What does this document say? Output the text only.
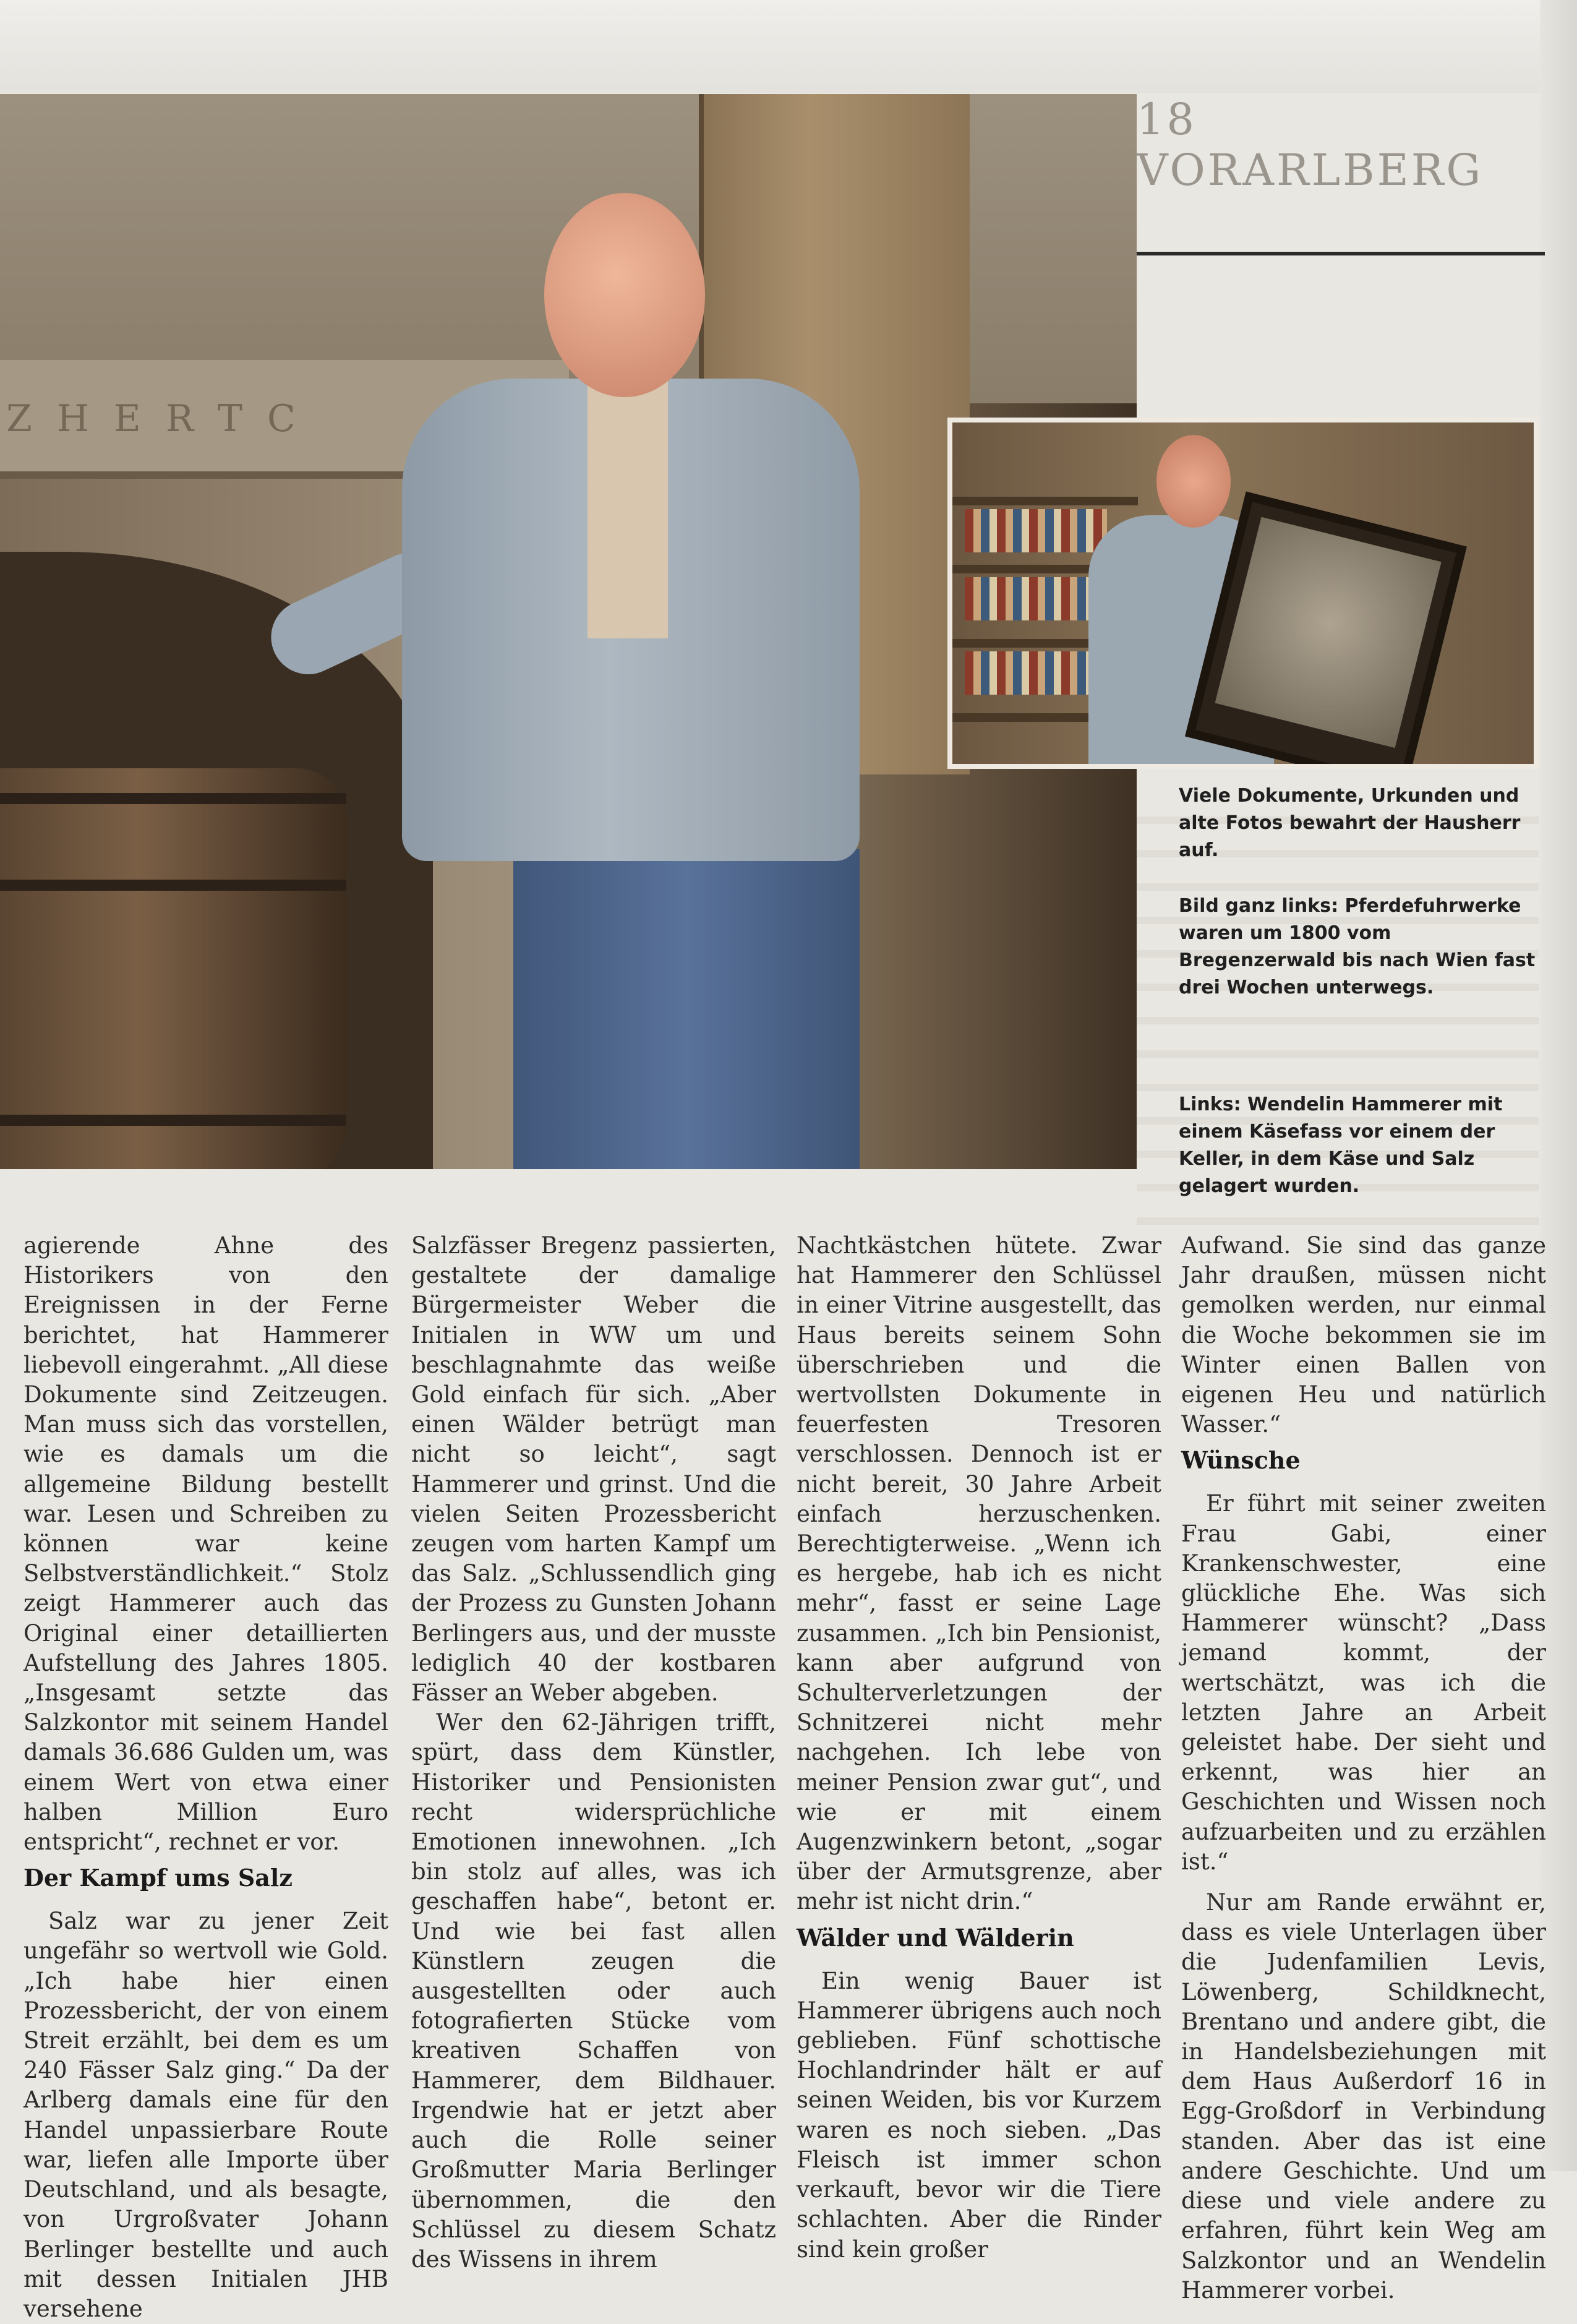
18 VORARLBERG
ZHERTC
Viele Dokumente, Urkunden und alte Fotos bewahrt der Hausherr auf.
Bild ganz links: Pferdefuhrwerke waren um 1800 vom Bregenzerwald bis nach Wien fast drei Wochen unterwegs.
Links: Wendelin Hammerer mit einem Käsefass vor einem der Keller, in dem Käse und Salz gelagert wurden.

agierende Ahne des Historikers von den Ereignissen in der Ferne berichtet, hat Hammerer liebevoll eingerahmt. „All diese Dokumente sind Zeitzeugen. Man muss sich das vorstellen, wie es damals um die allgemeine Bildung bestellt war. Lesen und Schreiben zu können war keine Selbstverständlichkeit.“ Stolz zeigt Hammerer auch das Original einer detaillierten Aufstellung des Jahres 1805. „Insgesamt setzte das Salzkontor mit seinem Handel damals 36.686 Gulden um, was einem Wert von etwa einer halben Million Euro entspricht“, rechnet er vor.

Der Kampf ums Salz

Salz war zu jener Zeit ungefähr so wertvoll wie Gold. „Ich habe hier einen Prozessbericht, der von einem Streit erzählt, bei dem es um 240 Fässer Salz ging.“ Da der Arlberg damals eine für den Handel unpassierbare Route war, liefen alle Importe über Deutschland, und als besagte, von Urgroßvater Johann Berlinger bestellte und auch mit dessen Initialen JHB versehene

Salzfässer Bregenz passierten, gestaltete der damalige Bürgermeister Weber die Initialen in WW um und beschlagnahmte das weiße Gold einfach für sich. „Aber einen Wälder betrügt man nicht so leicht“, sagt Hammerer und grinst. Und die vielen Seiten Prozessbericht zeugen vom harten Kampf um das Salz. „Schlussendlich ging der Prozess zu Gunsten Johann Berlingers aus, und der musste lediglich 40 der kostbaren Fässer an Weber abgeben.

Wer den 62-Jährigen trifft, spürt, dass dem Künstler, Historiker und Pensionisten recht widersprüchliche Emotionen innewohnen. „Ich bin stolz auf alles, was ich geschaffen habe“, betont er. Und wie bei fast allen Künstlern zeugen die ausgestellten oder auch fotografierten Stücke vom kreativen Schaffen von Hammerer, dem Bildhauer. Irgendwie hat er jetzt aber auch die Rolle seiner Großmutter Maria Berlinger übernommen, die den Schlüssel zu diesem Schatz des Wissens in ihrem

Nachtkästchen hütete. Zwar hat Hammerer den Schlüssel in einer Vitrine ausgestellt, das Haus bereits seinem Sohn überschrieben und die wertvollsten Dokumente in feuerfesten Tresoren verschlossen. Dennoch ist er nicht bereit, 30 Jahre Arbeit einfach herzuschenken. Berechtigterweise. „Wenn ich es hergebe, hab ich es nicht mehr“, fasst er seine Lage zusammen. „Ich bin Pensionist, kann aber aufgrund von Schulterverletzungen der Schnitzerei nicht mehr nachgehen. Ich lebe von meiner Pension zwar gut“, und wie er mit einem Augenzwinkern betont, „sogar über der Armutsgrenze, aber mehr ist nicht drin.“

Wälder und Wälderin

Ein wenig Bauer ist Hammerer übrigens auch noch geblieben. Fünf schottische Hochlandrinder hält er auf seinen Weiden, bis vor Kurzem waren es noch sieben. „Das Fleisch ist immer schon verkauft, bevor wir die Tiere schlachten. Aber die Rinder sind kein großer

Aufwand. Sie sind das ganze Jahr draußen, müssen nicht gemolken werden, nur einmal die Woche bekommen sie im Winter einen Ballen von eigenen Heu und natürlich Wasser.“

Wünsche

Er führt mit seiner zweiten Frau Gabi, einer Krankenschwester, eine glückliche Ehe. Was sich Hammerer wünscht? „Dass jemand kommt, der wertschätzt, was ich die letzten Jahre an Arbeit geleistet habe. Der sieht und erkennt, was hier an Geschichten und Wissen noch aufzuarbeiten und zu erzählen ist.“

Nur am Rande erwähnt er, dass es viele Unterlagen über die Judenfamilien Levis, Löwenberg, Schildknecht, Brentano und andere gibt, die in Handelsbeziehungen mit dem Haus Außerdorf 16 in Egg-Großdorf in Verbindung standen. Aber das ist eine andere Geschichte. Und um diese und viele andere zu erfahren, führt kein Weg am Salzkontor und an Wendelin Hammerer vorbei.
